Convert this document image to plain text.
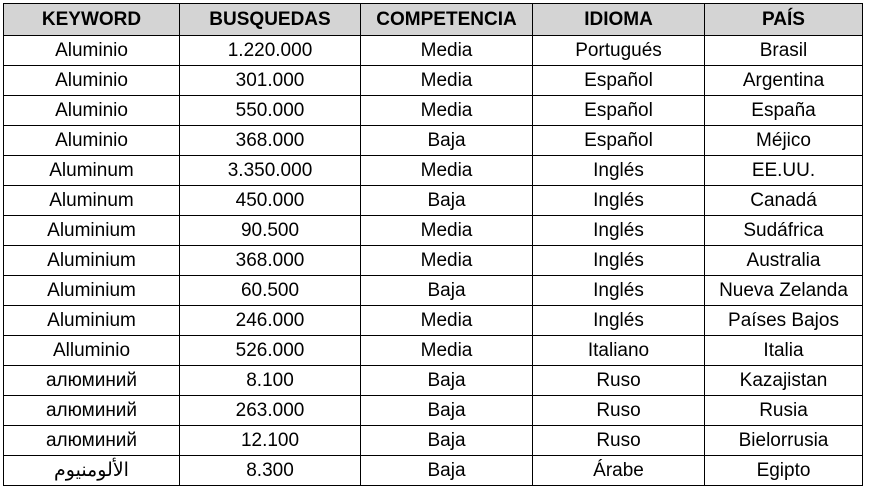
KEYWORD	BUSQUEDAS	COMPETENCIA	IDIOMA	PAÍS
Aluminio	1.220.000	Media	Portugués	Brasil
Aluminio	301.000	Media	Español	Argentina
Aluminio	550.000	Media	Español	España
Aluminio	368.000	Baja	Español	Méjico
Aluminum	3.350.000	Media	Inglés	EE.UU.
Aluminum	450.000	Baja	Inglés	Canadá
Aluminium	90.500	Media	Inglés	Sudáfrica
Aluminium	368.000	Media	Inglés	Australia
Aluminium	60.500	Baja	Inglés	Nueva Zelanda
Aluminium	246.000	Media	Inglés	Países Bajos
Alluminio	526.000	Media	Italiano	Italia
алюминий	8.100	Baja	Ruso	Kazajistan
алюминий	263.000	Baja	Ruso	Rusia
алюминий	12.100	Baja	Ruso	Bielorrusia
الألومنيوم	8.300	Baja	Árabe	Egipto
